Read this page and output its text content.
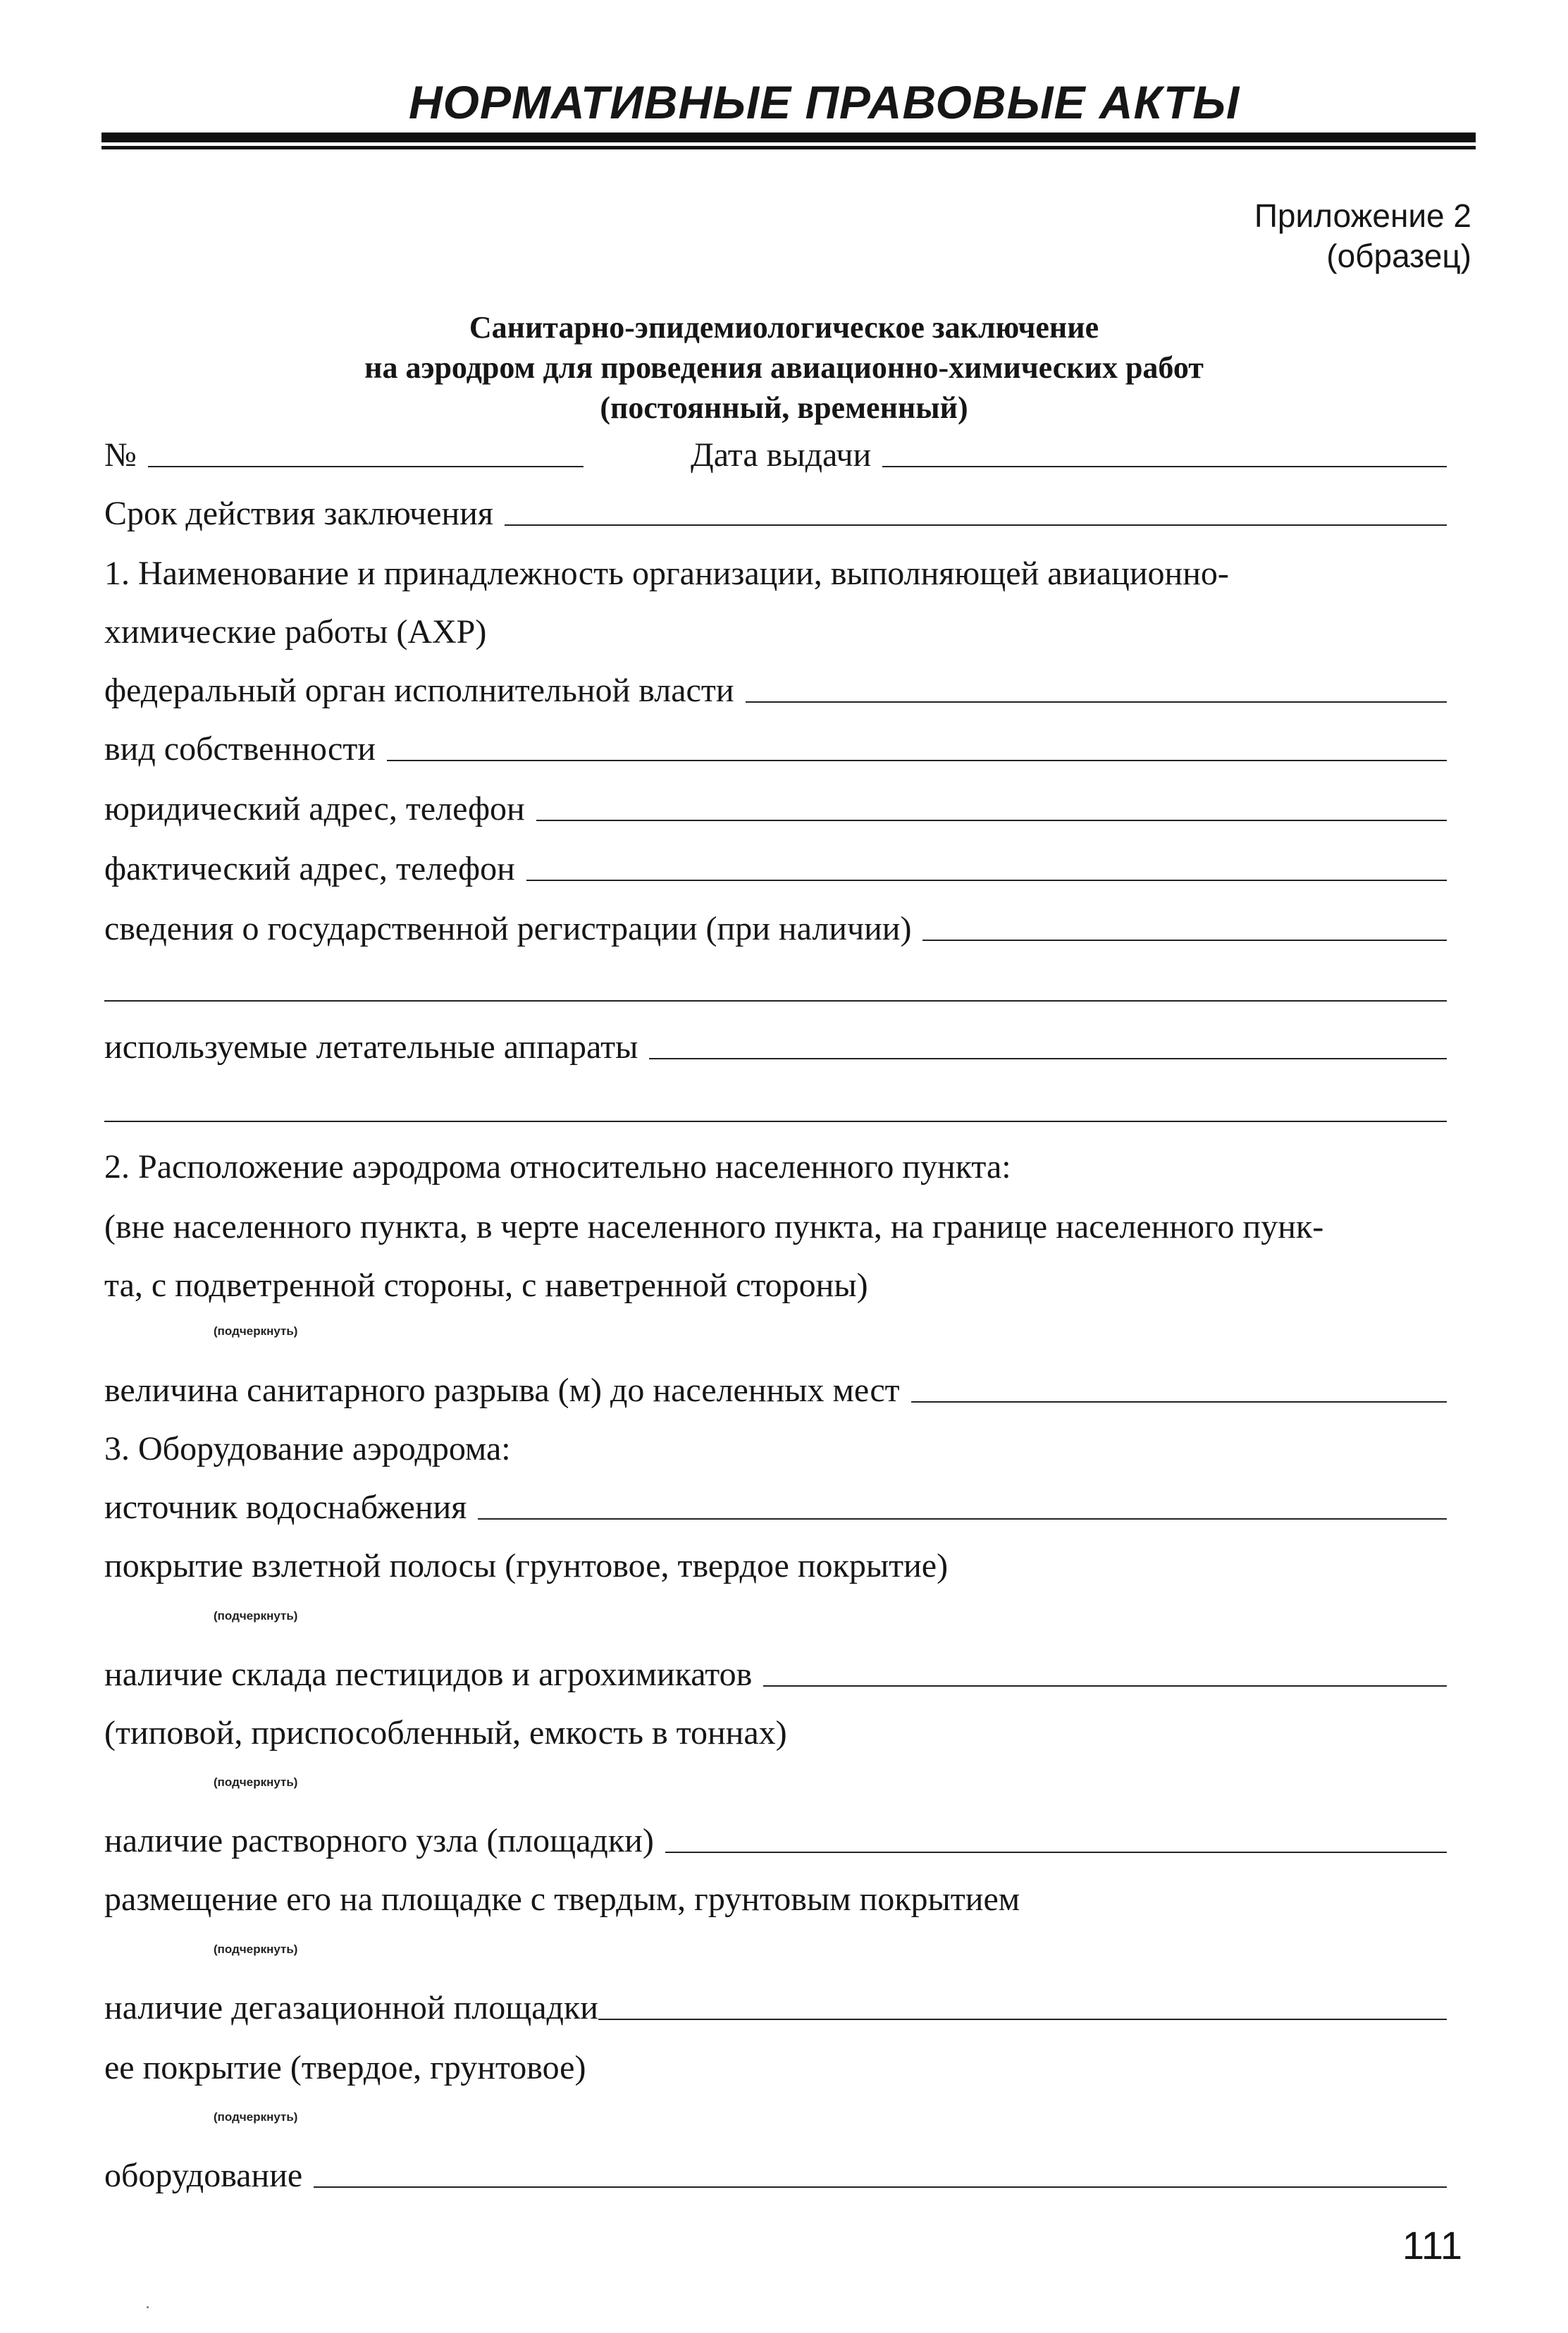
НОРМАТИВНЫЕ ПРАВОВЫЕ АКТЫ
Приложение 2
(образец)
Санитарно-эпидемиологическое заключение
на аэродром для проведения авиационно-химических работ
(постоянный, временный)
№	Дата выдачи
Срок действия заключения
1. Наименование и принадлежность организации, выполняющей авиационно-
химические работы (АХР)
федеральный орган исполнительной власти
вид собственности
юридический адрес, телефон
фактический адрес, телефон
сведения о государственной регистрации (при наличии)
используемые летательные аппараты
2. Расположение аэродрома относительно населенного пункта:
(вне населенного пункта, в черте населенного пункта, на границе населенного пунк-
та, с подветренной стороны, с наветренной стороны)
(подчеркнуть)
величина санитарного разрыва (м) до населенных мест
3. Оборудование аэродрома:
источник водоснабжения
покрытие взлетной полосы (грунтовое, твердое покрытие)
(подчеркнуть)
наличие склада пестицидов и агрохимикатов
(типовой, приспособленный, емкость в тоннах)
(подчеркнуть)
наличие растворного узла (площадки)
размещение его на площадке с твердым, грунтовым покрытием
(подчеркнуть)
наличие дегазационной площадки
ее покрытие (твердое, грунтовое)
(подчеркнуть)
оборудование
111
